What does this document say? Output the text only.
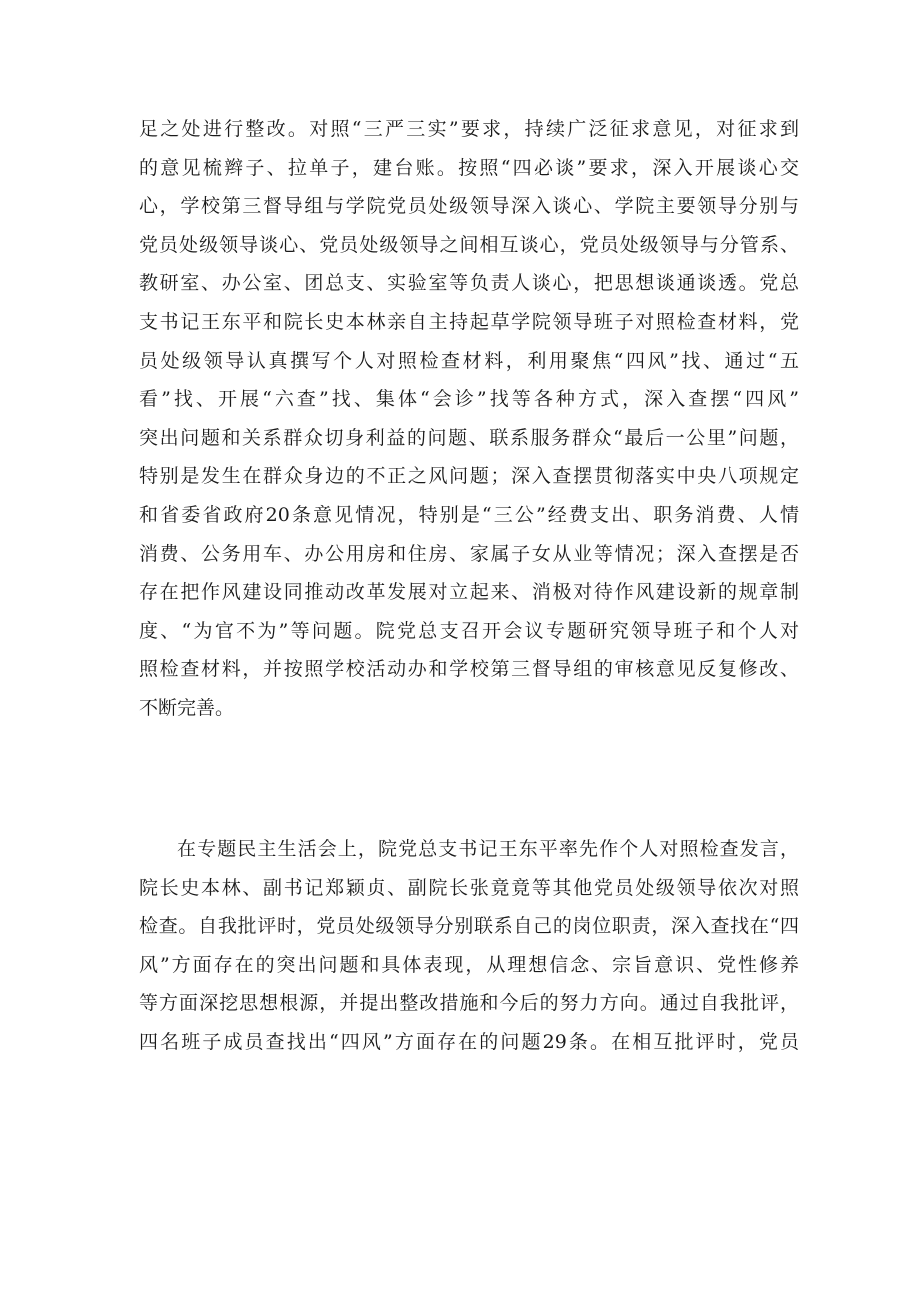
足之处进行整改。对照“三严三实”要求，持续广泛征求意见，对征求到
的意见梳辫子、拉单子，建台账。按照“四必谈”要求，深入开展谈心交
心，学校第三督导组与学院党员处级领导深入谈心、学院主要领导分别与
党员处级领导谈心、党员处级领导之间相互谈心，党员处级领导与分管系、
教研室、办公室、团总支、实验室等负责人谈心，把思想谈通谈透。党总
支书记王东平和院长史本林亲自主持起草学院领导班子对照检查材料，党
员处级领导认真撰写个人对照检查材料，利用聚焦“四风”找、通过“五
看”找、开展“六查”找、集体“会诊”找等各种方式，深入查摆“四风”
突出问题和关系群众切身利益的问题、联系服务群众“最后一公里”问题，
特别是发生在群众身边的不正之风问题；深入查摆贯彻落实中央八项规定
和省委省政府20条意见情况，特别是“三公”经费支出、职务消费、人情
消费、公务用车、办公用房和住房、家属子女从业等情况；深入查摆是否
存在把作风建设同推动改革发展对立起来、消极对待作风建设新的规章制
度、“为官不为”等问题。院党总支召开会议专题研究领导班子和个人对
照检查材料，并按照学校活动办和学校第三督导组的审核意见反复修改、
不断完善。
在专题民主生活会上，院党总支书记王东平率先作个人对照检查发言，
院长史本林、副书记郑颖贞、副院长张竟竟等其他党员处级领导依次对照
检查。自我批评时，党员处级领导分别联系自己的岗位职责，深入查找在“四
风”方面存在的突出问题和具体表现，从理想信念、宗旨意识、党性修养
等方面深挖思想根源，并提出整改措施和今后的努力方向。通过自我批评，
四名班子成员查找出“四风”方面存在的问题29条。在相互批评时，党员
